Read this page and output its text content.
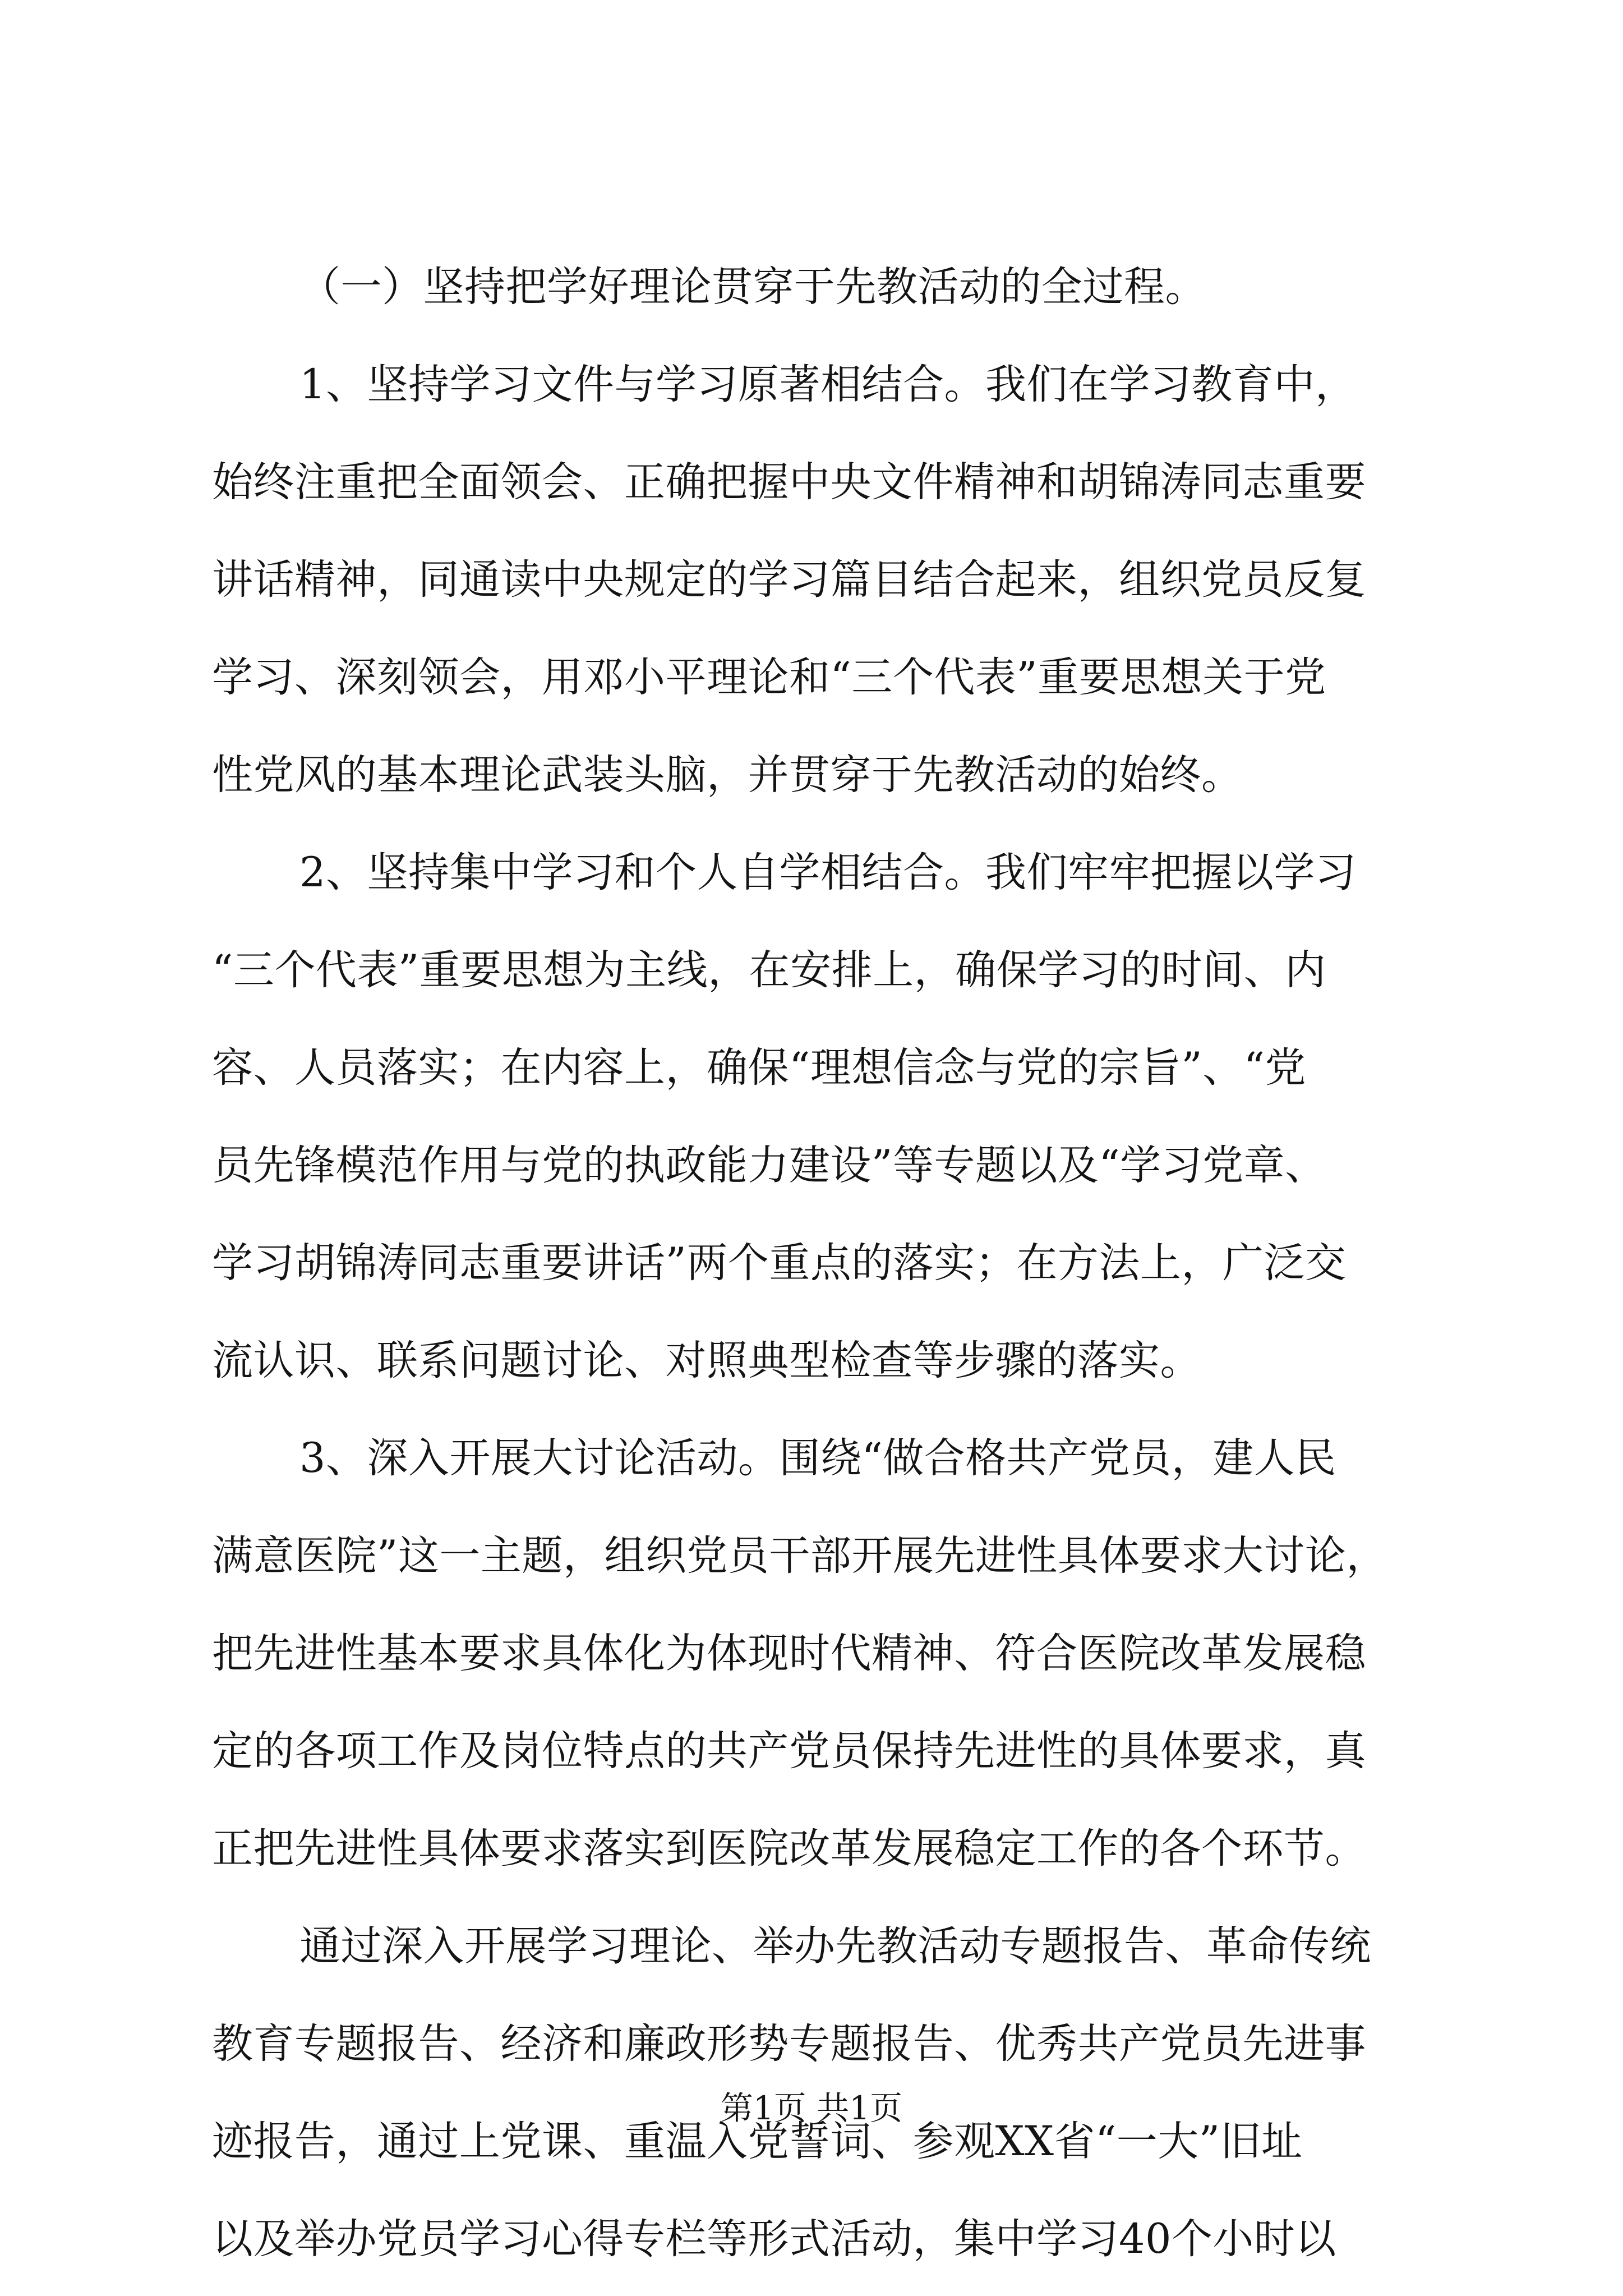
（一）坚持把学好理论贯穿于先教活动的全过程。
1、坚持学习文件与学习原著相结合。我们在学习教育中，
始终注重把全面领会、正确把握中央文件精神和胡锦涛同志重要
讲话精神，同通读中央规定的学习篇目结合起来，组织党员反复
学习、深刻领会，用邓小平理论和“三个代表”重要思想关于党
性党风的基本理论武装头脑，并贯穿于先教活动的始终。
2、坚持集中学习和个人自学相结合。我们牢牢把握以学习
“三个代表”重要思想为主线，在安排上，确保学习的时间、内
容、人员落实；在内容上，确保“理想信念与党的宗旨”、“党
员先锋模范作用与党的执政能力建设”等专题以及“学习党章、
学习胡锦涛同志重要讲话”两个重点的落实；在方法上，广泛交
流认识、联系问题讨论、对照典型检查等步骤的落实。
3、深入开展大讨论活动。围绕“做合格共产党员，建人民
满意医院”这一主题，组织党员干部开展先进性具体要求大讨论，
把先进性基本要求具体化为体现时代精神、符合医院改革发展稳
定的各项工作及岗位特点的共产党员保持先进性的具体要求，真
正把先进性具体要求落实到医院改革发展稳定工作的各个环节。
通过深入开展学习理论、举办先教活动专题报告、革命传统
教育专题报告、经济和廉政形势专题报告、优秀共产党员先进事
迹报告，通过上党课、重温入党誓词、参观XX省“一大”旧址
以及举办党员学习心得专栏等形式活动，集中学习40个小时以
第1页 共1页
